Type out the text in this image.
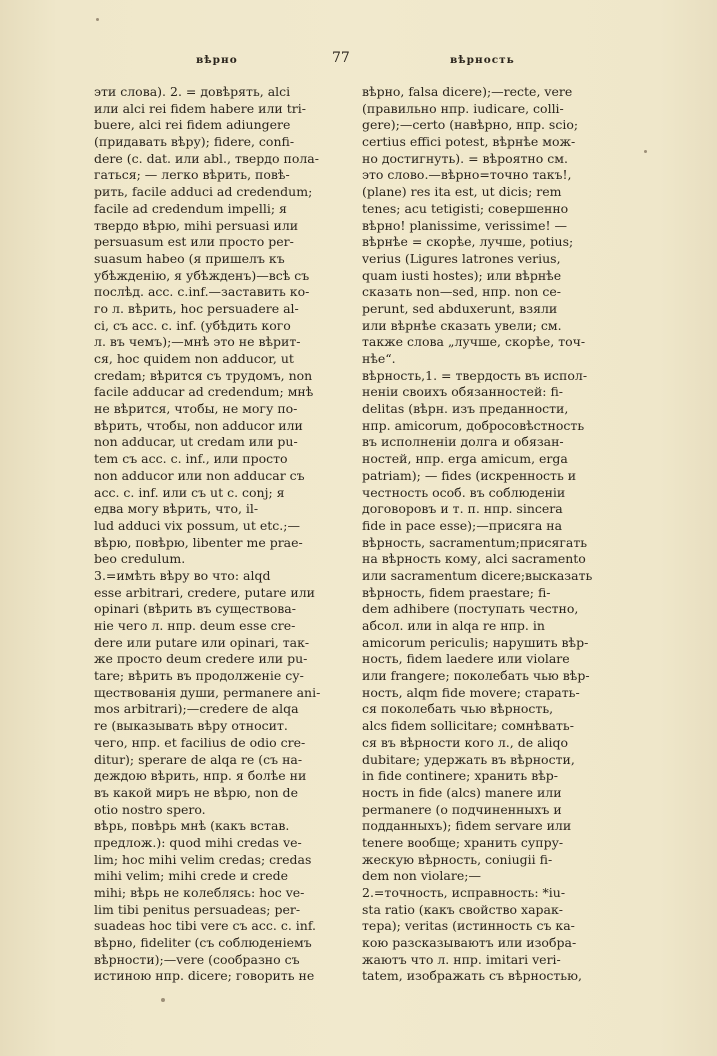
вѣрно	77	вѣрность
эти слова). 2. = довѣрять, alci
или alci rei fidem habere или tri-
buere, alci rei fidem adiungere
(придавать вѣру); fidere, confi-
dere (c. dat. или abl., твердо пола-
гаться; — легко вѣрить, повѣ-
рить, facile adduci ad credendum;
facile ad credendum impelli; я
твердо вѣрю, mihi persuasi или
persuasum est или просто per-
suasum habeo (я пришелъ къ
убѣжденію, я убѣжденъ)—всѣ съ
послѣд. acc. c.inf.—заставить ко-
го л. вѣрить, hoc persuadere al-
ci, съ acc. c. inf. (убѣдить кого
л. въ чемъ);—мнѣ это не вѣрит-
ся, hoc quidem non adducor, ut
credam; вѣрится съ трудомъ, non
facile adducar ad credendum; мнѣ
не вѣрится, чтобы, не могу по-
вѣрить, чтобы, non adducor или
non adducar, ut credam или pu-
tem съ acc. c. inf., или просто
non adducor или non adducar съ
acc. c. inf. или съ ut c. conj; я
едва могу вѣрить, что, il-
lud adduci vix possum, ut etc.;—
вѣрю, повѣрю, libenter me prae-
beo credulum.
3.=имѣть вѣру во что: alqd
esse arbitrari, credere, putare или
opinari (вѣрить въ существова-
ніе чего л. нпр. deum esse cre-
dere или putare или opinari, так-
же просто deum credere или pu-
tare; вѣрить въ продолженіе су-
ществованія души, permanere ani-
mos arbitrari);—credere de alqa
re (выказывать вѣру относит.
чего, нпр. et facilius de odio cre-
ditur); sperare de alqa re (съ на-
деждою вѣрить, нпр. я болѣе ни
въ какой миръ не вѣрю, non de
otio nostro spero.
вѣрь, повѣрь мнѣ (какъ встав.
предлож.): quod mihi credas ve-
lim; hoc mihi velim credas; credas
mihi velim; mihi crede и crede
mihi; вѣрь не колеблясь: hoc ve-
lim tibi penitus persuadeas; per-
suadeas hoc tibi vere съ acc. c. inf.
вѣрно, fideliter (съ соблюденіемъ
вѣрности);—vere (сообразно съ
истиною нпр. dicere; говорить не
вѣрно, falsa dicere);—recte, vere
(правильно нпр. iudicare, colli-
gere);—certo (навѣрно, нпр. scio;
certius effici potest, вѣрнѣе мож-
но достигнуть). = вѣроятно см.
это слово.—вѣрно=точно такъ!,
(plane) res ita est, ut dicis; rem
tenes; acu tetigisti; совершенно
вѣрно! planissime, verissime! —
вѣрнѣе = скорѣе, лучше, potius;
verius (Ligures latrones verius,
quam iusti hostes); или вѣрнѣе
сказать non—sed, нпр. non ce-
perunt, sed abduxerunt, взяли
или вѣрнѣе сказать увели; см.
также слова „лучше, скорѣе, точ-
нѣе“.
вѣрность,1. = твердость въ испол-
неніи своихъ обязанностей: fi-
delitas (вѣрн. изъ преданности,
нпр. amicorum, добросовѣстность
въ исполненіи долга и обязан-
ностей, нпр. erga amicum, erga
patriam); — fides (искренность и
честность особ. въ соблюденіи
договоровъ и т. п. нпр. sincera
fide in pace esse);—присяга на
вѣрность, sacramentum;присягать
на вѣрность кому, alci sacramento
или sacramentum dicere;высказать
вѣрность, fidem praestare; fi-
dem adhibere (поступать честно,
абсол. или in alqa re нпр. in
amicorum periculis; нарушить вѣр-
ность, fidem laedere или violare
или frangere; поколебать чью вѣр-
ность, alqm fide movere; старать-
ся поколебать чью вѣрность,
alcs fidem sollicitare; сомнѣвать-
ся въ вѣрности кого л., de aliqo
dubitare; удержать въ вѣрности,
in fide continere; хранить вѣр-
ность in fide (alcs) manere или
permanere (о подчиненныхъ и
подданныхъ); fidem servare или
tenere вообще; хранить супру-
жескую вѣрность, coniugii fi-
dem non violare;—
2.=точность, исправность: *iu-
sta ratio (какъ свойство харак-
тера); veritas (истинность съ ка-
кою разсказываютъ или изобра-
жаютъ что л. нпр. imitari veri-
tatem, изображать съ вѣрностью,
